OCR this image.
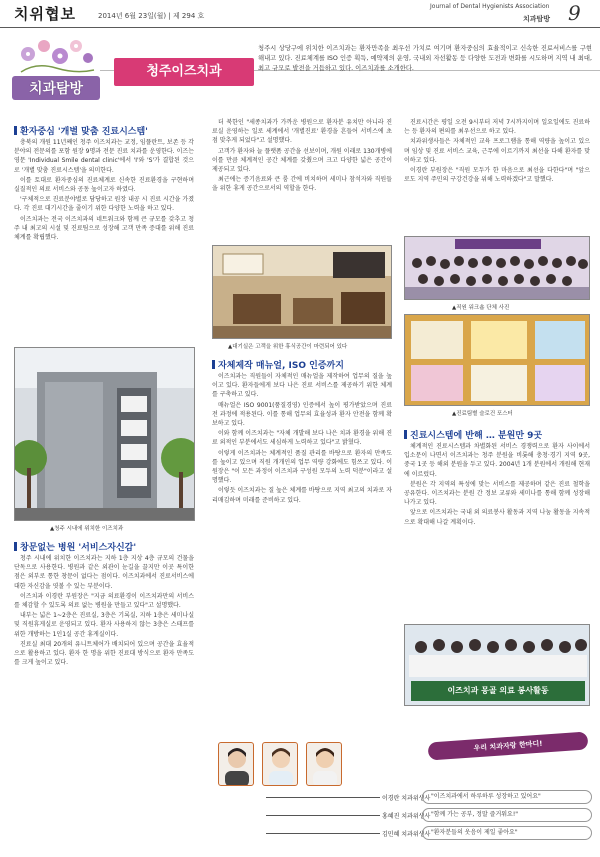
치위협보	2014년 6월 23일(월) | 제 294 호
Journal of Dental Hygienists Association
치과탐방 9
치과탐방
청주이즈치과
청주시 상당구에 위치한 이즈치과는 환자만족을 최우선 가치로 여기며 환자중심의 효율적이고 신속한 진료서비스를 구현해내고 있다. 진료체계를 ISO 인증 획득, 예약제의 운영, 국내외 자선활동 등 다양한 도전과 변화를 시도하며 지역 내 최대, 최고 규모로 발전을 거듭하고 있다. 이즈치과를 소개한다.
환자중심 '개별 맞춤 진료시스템'

충북의 개원 11년째인 청주 이즈치과는 교정, 임플란트, 보존 등 각 분야의 전문의를 포함 원장 9명과 전문 진료 치과를 운영한다. 이즈는 영문 'Individual Smile dental clinic'에서 'I'와 'S'가 결합된 것으로 '개별 맞춤 진료시스템'을 의미한다.

이를 토대로 환자중심의 진료체계로 신속한 진료환경을 구현하며 실질적인 의료 서비스와 공동 높이고자 하였다.

'구체적으로 진료분야별로 담당하고 원장 내공 시 진료 시간을 가졌다. 각 진료 대기시간을 줄이기 위한 다양한 노력을 하고 있다.

이즈치과는 전국 이즈치과의 네트워크와 함께 큰 규모를 갖추고 청주 내 최고의 시설 및 진료팀으로 성장해 고객 만족 증대를 위해 진료체계를 확립했다.

▲청주 시내에 위치한 이즈치과
창문없는 병원 '서비스자신감'

청주 시내에 위치한 이즈치과는 지하 1층 지상 4층 규모의 건물을 단독으로 사용한다. 병원과 같은 외관이 눈길을 끌지만 이곳 특이한 점은 외부로 통한 창문이 없다는 점이다. 이즈치과에서 진료서비스에 대한 자신감을 엿볼 수 있는 부분이다.

이즈치과 이경란 부원장은 "지금 의료환경이 이즈치과만의 서비스를 체감할 수 있도록 의료 없는 병원을 만들고 있다"고 설명했다.

내부는 넓은 1~2층은 진료실, 3층은 기록실, 지하 1층은 세미나실 및 직원휴게실로 운영되고 있다. 환자 사용하지 않는 3층은 스태프를 위한 개방하는 1인1실 공간 휴게실이다.

진료실 최대 20개의 유니트체어가 배치되어 있으며 공간을 효율적으로 활용하고 있다. 환자 한 명을 위한 진료대 방식으로 환자 만족도를 크게 높이고 있다.

더 북한인 "세종치과가 가까운 병원으로 환자분 유치만 아니라 진료실 운영하는 일로 세계에서 '개별진료' 환경을 흔들어 서비스에 초점 맞추게 되었다"고 설명했다.

고객가 환자와 늘 플랫폼 공간을 선보이며, 개원 이래로 130개병에 이를 만큼 체계적인 공간 체계를 갖췄으며 크고 다양한 넓은 공간이 제공되고 있다.

최근에는 증기음료와 큰 룸 간에 비치하며 세미나 참석자와 직원들을 위한 휴게 공간으로서의 역할을 한다.

▲대기실은 고객을 위한 휴식공간이 마련되어 있다
자체제작 매뉴얼, ISO 인증까지

이즈치과는 직원들이 자체적인 매뉴얼을 제작하여 업무의 질을 높이고 있다. 환자들에게 보다 나은 진료 서비스를 제공하기 위한 체계를 구축하고 있다.

매뉴얼은 ISO 9001(품질경영) 인증에서 높이 평가받았으며 진료 전 과정에 적용된다. 이를 통해 업무의 효율성과 환자 안전을 함께 확보하고 있다.

이와 함께 이즈치과는 "자체 개발해 보다 나은 치과 환경을 위해 진료 외적인 부분에서도 세심하게 노력하고 있다"고 밝혔다.

이렇게 이즈치과는 체계적인 품질 관리를 바탕으로 환자의 만족도를 높이고 있으며 직원 개개인의 업무 역량 강화에도 힘쓰고 있다. 이 원장은 "이 모든 과정이 이즈치과 구성원 모두의 노력 덕분"이라고 설명했다.

이렇듯 이즈치과는 질 높은 체계를 바탕으로 지역 최고의 치과로 자리매김하며 미래를 준비하고 있다.

진료시간은 평일 오전 9시부터 저녁 7시까지이며 일요일에도 진료하는 등 환자의 편의를 최우선으로 하고 있다.

치과위생사들은 자체적인 교육 프로그램을 통해 역량을 높이고 있으며 임상 및 진료 서비스 교육, 근무에 이르기까지 최선을 다해 환자를 맞이하고 있다.

이경란 부원장은 "직원 모두가 한 마음으로 최선을 다한다"며 "앞으로도 지역 주민의 구강건강을 위해 노력하겠다"고 말했다.

▲직원 워크숍 단체 사진
▲진료팀별 슬로건 포스터
진료시스템에 반해 … 분원만 9곳

체계적인 진료시스템과 차별화된 서비스 경쟁력으로 환자 사이에서 입소문이 나면서 이즈치과는 청주 분원을 비롯해 충청·경기 지역 9곳, 중국 1곳 등 해외 분원을 두고 있다. 2004년 1개 분원에서 개원해 현재에 이르렀다.

분원은 각 지역의 특성에 맞는 서비스를 제공하며 같은 진료 철학을 공유한다. 이즈치과는 분원 간 정보 교류와 세미나를 통해 함께 성장해 나가고 있다.

앞으로 이즈치과는 국내 외 의료봉사 활동과 지역 나눔 활동을 지속적으로 확대해 나갈 계획이다.

이즈치과 몽골 의료 봉사활동
우리 치과자랑 한마디!
이경란 치과위생사 "이즈치과에서 하루하루 성장하고 있어요"
홍혜진 치과위생사 "함께 가는 공부, 정말 즐거워요!"
김민혜 치과위생사 "환자분들의 웃음이 제일 좋아요"
